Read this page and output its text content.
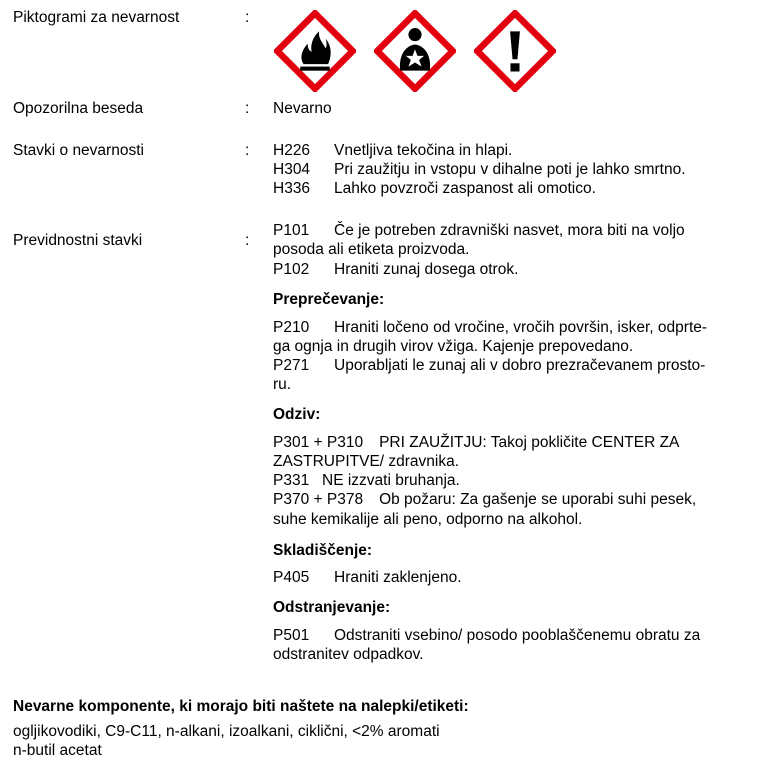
Piktogrami za nevarnost	:
Opozorilna beseda	: Nevarno
Stavki o nevarnosti	: H226 Vnetljiva tekočina in hlapi.
H304 Pri zaužitju in vstopu v dihalne poti je lahko smrtno.
H336 Lahko povzroči zaspanost ali omotico.
Previdnostni stavki	:
P101 Če je potreben zdravniški nasvet, mora biti na voljo
posoda ali etiketa proizvoda.
P102 Hraniti zunaj dosega otrok.
Preprečevanje:
P210 Hraniti ločeno od vročine, vročih površin, isker, odprte-
ga ognja in drugih virov vžiga. Kajenje prepovedano.
P271 Uporabljati le zunaj ali v dobro prezračevanem prosto-
ru.
Odziv:
P301 + P310 PRI ZAUŽITJU: Takoj pokličite CENTER ZA
ZASTRUPITVE/ zdravnika.
P331 NE izzvati bruhanja.
P370 + P378 Ob požaru: Za gašenje se uporabi suhi pesek,
suhe kemikalije ali peno, odporno na alkohol.
Skladiščenje:
P405 Hraniti zaklenjeno.
Odstranjevanje:
P501 Odstraniti vsebino/ posodo pooblaščenemu obratu za
odstranitev odpadkov.
Nevarne komponente, ki morajo biti naštete na nalepki/etiketi:
ogljikovodiki, C9-C11, n-alkani, izoalkani, ciklični, <2% aromati
n-butil acetat
